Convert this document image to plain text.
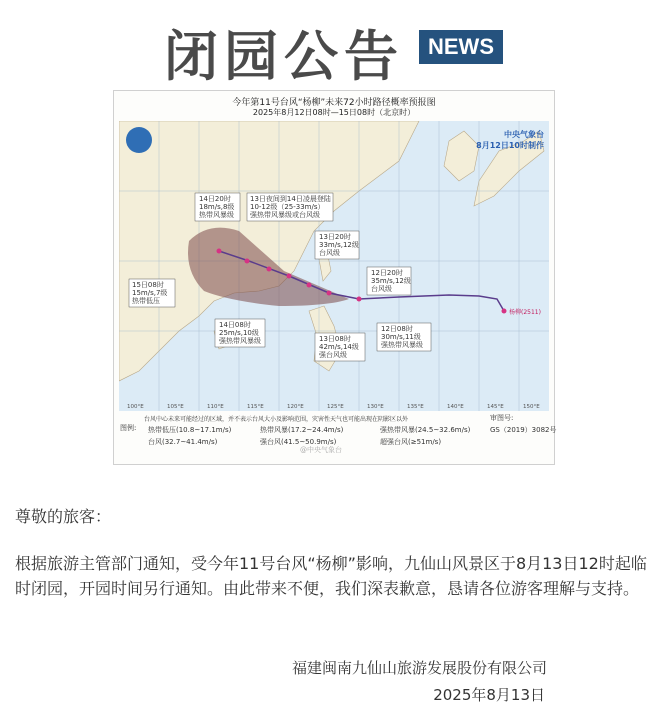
闭园公告	NEWS
今年第11号台风“杨柳”未来72小时路径概率预报图
2025年8月12日08时—15日08时（北京时）
杨柳(2511)
14日20时
18m/s,8级
热带风暴级
13日夜间到14日凌晨登陆
10-12级（25-33m/s）
强热带风暴级或台风级
13日20时
33m/s,12级
台风级
12日20时
35m/s,12级
台风级
15日08时
15m/s,7级
热带低压
14日08时
25m/s,10级
强热带风暴级	13日08时
42m/s,14级
强台风级
12日08时
30m/s,11级
强热带风暴级
100°E	105°E	110°E	115°E	120°E	125°E	130°E	135°E	140°E	145°E	150°E
中央气象台
8月12日10时制作
图例:
台风中心未来可能经过的区域，并不表示台风大小及影响范围，灾害性天气也可能出现在阴影区以外
热带低压(10.8~17.1m/s)	热带风暴(17.2~24.4m/s)	强热带风暴(24.5~32.6m/s)
台风(32.7~41.4m/s)	强台风(41.5~50.9m/s)	超强台风(≥51m/s)
审图号:
GS（2019）3082号
@中央气象台
尊敬的旅客：
根据旅游主管部门通知，受今年11号台风“杨柳”影响，九仙山风景区于8月13日12时起临时闭园，开园时间另行通知。由此带来不便，我们深表歉意，恳请各位游客理解与支持。
福建闽南九仙山旅游发展股份有限公司
2025年8月13日
